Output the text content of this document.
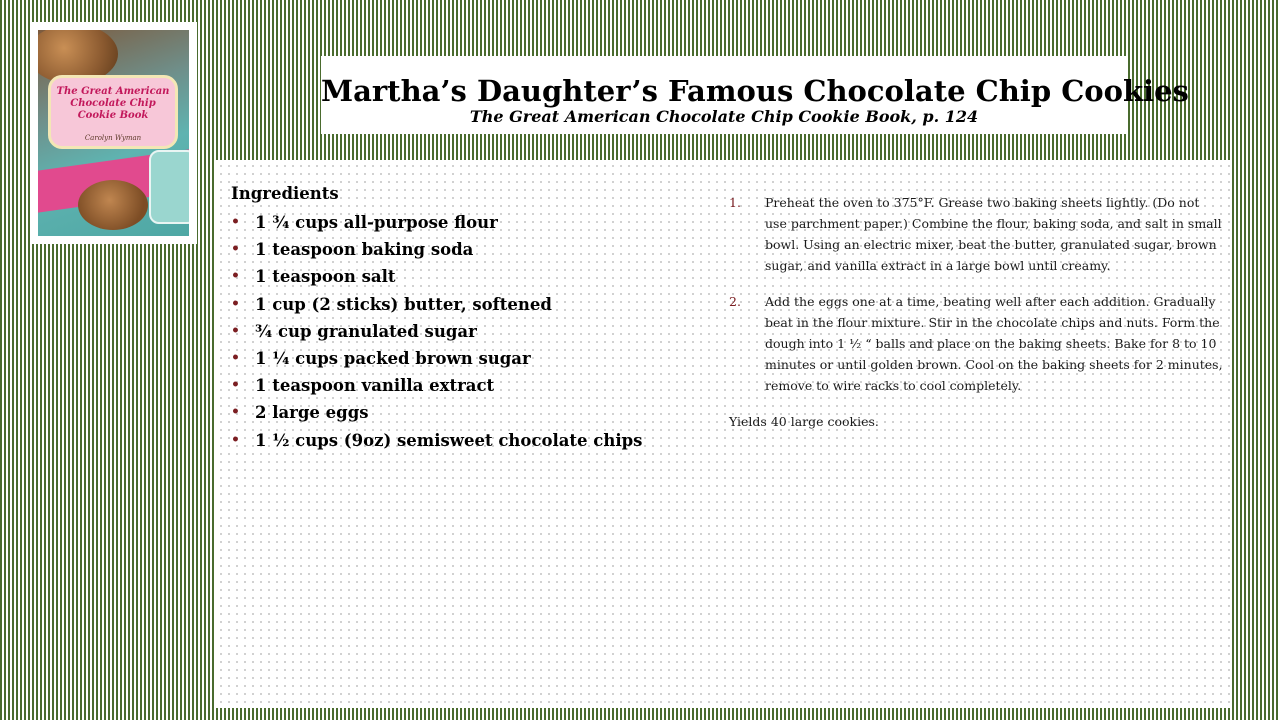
The Great American Chocolate Chip Cookie Book
Carolyn Wyman
Martha’s Daughter’s Famous Chocolate Chip Cookies

The Great American Chocolate Chip Cookie Book, p. 124

Ingredients

• 1 ¾ cups all-purpose flour
• 1 teaspoon baking soda
• 1 teaspoon salt
• 1 cup (2 sticks) butter, softened
• ¾ cup granulated sugar
• 1 ¼ cups packed brown sugar
• 1 teaspoon vanilla extract
• 2 large eggs
• 1 ½ cups (9oz) semisweet chocolate chips
1. Preheat the oven to 375°F. Grease two baking sheets lightly. (Do not use parchment paper.) Combine the flour, baking soda, and salt in small bowl. Using an electric mixer, beat the butter, granulated sugar, brown sugar, and vanilla extract in a large bowl until creamy.
2. Add the eggs one at a time, beating well after each addition. Gradually beat in the flour mixture. Stir in the chocolate chips and nuts. Form the dough into 1 ½ “ balls and place on the baking sheets. Bake for 8 to 10 minutes or until golden brown. Cool on the baking sheets for 2 minutes, remove to wire racks to cool completely.

Yields 40 large cookies.
